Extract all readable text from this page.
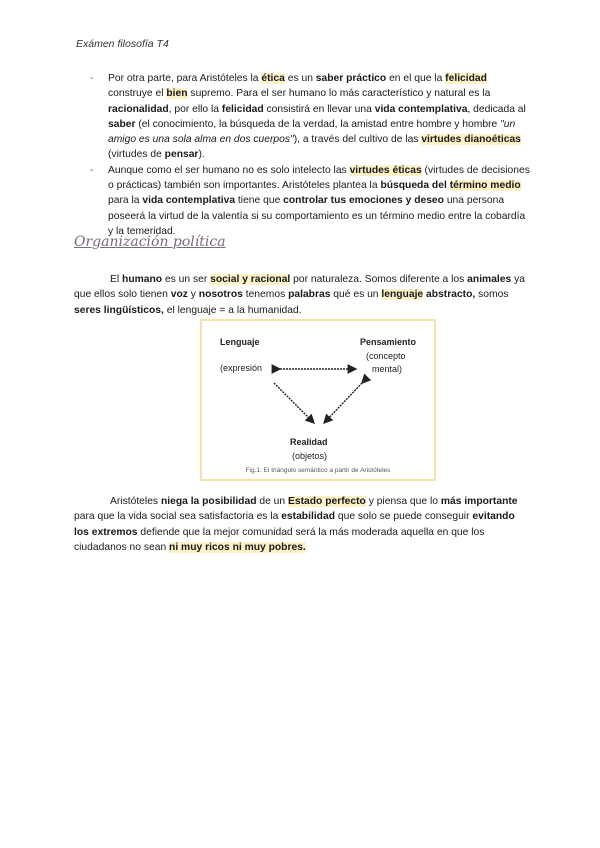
Exámen filosofía T4
- Por otra parte, para Aristóteles la ética es un saber práctico en el que la felicidad construye el bien supremo. Para el ser humano lo más característico y natural es la racionalidad, por ello la felicidad consistirá en llevar una vida contemplativa, dedicada al saber (el conocimiento, la búsqueda de la verdad, la amistad entre hombre y hombre "un amigo es una sola alma en dos cuerpos"), a través del cultivo de las virtudes dianoéticas (virtudes de pensar).
- Aunque como el ser humano no es solo intelecto las virtudes éticas (virtudes de decisiones o prácticas) también son importantes. Aristóteles plantea la búsqueda del término medio para la vida contemplativa tiene que controlar tus emociones y deseo una persona poseerá la virtud de la valentía si su comportamiento es un término medio entre la cobardía y la temeridad.
Organización política

El humano es un ser social y racional por naturaleza. Somos diferente a los animales ya que ellos solo tienen voz y nosotros tenemos palabras qué es un lenguaje abstracto, somos seres lingüísticos, el lenguaje = a la humanidad.

Lenguaje
(expresión
Pensamiento
(concepto
mental)
Realidad
(objetos)
Fig.1: El triángulo semántico a partir de Aristóteles

Aristóteles niega la posibilidad de un Estado perfecto y piensa que lo más importante para que la vida social sea satisfactoria es la estabilidad que solo se puede conseguir evitando los extremos defiende que la mejor comunidad será la más moderada aquella en que los ciudadanos no sean ni muy ricos ni muy pobres.
